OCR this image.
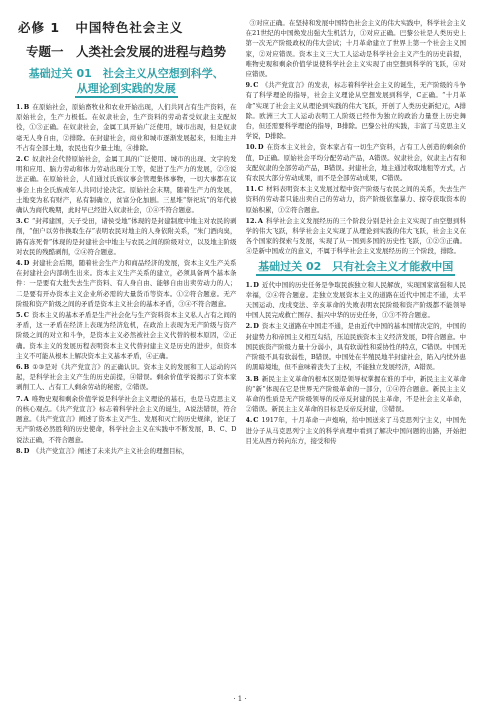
必修 1 中国特色社会主义
专题一　人类社会发展的进程与趋势
基础过关 01　社会主义从空想到科学、
从理论到实践的发展

1.B 在原始社会，原始畜牧业和农业开始出现，人们共同占有生产资料，在原始社会，生产力极低。在奴隶社会，生产资料的劳动者受奴隶主支配奴役，①③正确。在奴隶社会，金属工具开始广泛使用，城市出现，但是奴隶毫无人身自由，②排除。在封建社会，商业和城市逐渐发展起来，但地主并不占有全部土地，农民也有少量土地，④排除。

2.C 奴隶社会代替原始社会，金属工具的广泛使用、城市的出现、文字的发明和应用、脑力劳动和体力劳动出现分工等，促进了生产力的发展，②③说法正确。在原始社会，人们通过氏族议事会管理集体事物，一切大事都在议事会上由全氏族成年人共同讨论决定。原始社会末期，随着生产力的发展，土地变为私有财产，私有制确立，贫富分化加剧。三星堆“祭祀坑”的年代被确认为商代晚期，此时早已经进入奴隶社会，①④不符合题意。

3.C “封邦建国，天子受田，诸侯受地”体现的是封建制度中地主对农民的剥削，“佃户以劳作换取生存”表明农民对地主的人身依附关系，“朱门酒肉臭，路有冻死骨”体现的是封建社会中地主与农民之间的阶级对立，以及地主阶级对农民的残酷剥削，②④符合题意。

4.D 封建社会后期，随着社会生产力和商品经济的发展，资本主义生产关系在封建社会内部萌生出来。资本主义生产关系的建立，必须具备两个基本条件：一是要有大批失去生产资料、有人身自由、能够自由出卖劳动力的人；二是要有开办资本主义企业所必需的大量货币等资本。①②符合题意。无产阶级和资产阶级之间的矛盾是资本主义社会的基本矛盾，③④不符合题意。

5.C 资本主义的基本矛盾是生产社会化与生产资料资本主义私人占有之间的矛盾，这一矛盾在经济上表现为经济危机，在政治上表现为无产阶级与资产阶级之间的对立和斗争，是资本主义必然被社会主义代替的根本原因，②正确。资本主义的发展历程表明资本主义代替封建主义是历史的进步，但资本主义不可能从根本上解决资本主义基本矛盾，④正确。

6.B ①③是对《共产党宣言》的正确认识。资本主义的发展和工人运动的兴起，是科学社会主义产生的历史前提，④错误。剩余价值学说揭示了资本家剥削工人、占有工人剩余劳动的秘密，②错误。

7.A 唯物史观和剩余价值学说是科学社会主义理论的基石，也是马克思主义的核心观点。《共产党宣言》标志着科学社会主义的诞生，A说法错误，符合题意。《共产党宣言》阐述了资本主义产生、发展和灭亡的历史规律，论证了无产阶级必然胜利的历史使命，科学社会主义在实践中不断发展，B、C、D说法正确，不符合题意。

8.D 《共产党宣言》阐述了未来共产主义社会的理想目标，

③对应正确。在坚持和发展中国特色社会主义的伟大实践中，科学社会主义在21世纪的中国焕发出强大生机活力，①对应正确。巴黎公社是人类历史上第一次无产阶级政权的伟大尝试；十月革命建立了世界上第一个社会主义国家，②对应错误。资本主义三大工人运动是科学社会主义产生的历史前提，唯物史观和剩余价值学说使科学社会主义实现了由空想到科学的飞跃，④对应错误。

9.C 《共产党宣言》的发表，标志着科学社会主义的诞生，无产阶级的斗争有了科学理论的指导，社会主义理论从空想发展到科学，C正确。“十月革命”实现了社会主义从理论到实践的伟大飞跃，开创了人类历史新纪元，A排除。欧洲三大工人运动表明工人阶级已经作为独立的政治力量登上历史舞台，但还需要科学理论的指导，B排除。巴黎公社的实践，丰富了马克思主义学说，D排除。

10.D 在资本主义社会，资本家占有一切生产资料，占有工人创造的剩余价值，D正确。原始社会平均分配劳动产品，A错误。奴隶社会，奴隶主占有和支配奴隶的全部劳动产品，B错误。封建社会，地主通过收取地租等方式，占有农民大部分劳动成果，而不是全部劳动成果，C错误。

11.C 材料表明资本主义发展过程中资产阶级与农民之间的关系，失去生产资料的劳动者只能出卖自己的劳动力，资产阶级依靠暴力、掠夺获取资本的原始积累，①②符合题意。

12.A 科学社会主义发展经历的三个阶段分别是社会主义实现了由空想到科学的伟大飞跃，科学社会主义实现了从理论到实践的伟大飞跃，社会主义在各个国家的探索与发展，实现了从一国到多国的历史性飞跃，①②③正确。④是新中国成立的意义，不属于科学社会主义发展经历的三个阶段，排除。

基础过关 02　只有社会主义才能救中国

1.D 近代中国的历史任务是争取民族独立和人民解放，实现国家富强和人民幸福，②④符合题意。走独立发展资本主义的道路在近代中国走不通，太平天国运动、戊戌变法、辛亥革命的失败表明农民阶级和资产阶级都不能领导中国人民完成救亡图存、振兴中华的历史任务，①③不符合题意。

2.D 资本主义道路在中国走不通，是由近代中国的基本国情决定的，中国的封建势力和帝国主义相互勾结，压迫民族资本主义经济发展，D符合题意。中国民族资产阶级力量十分弱小，具有软弱性和妥协性的特点，C错误。中国无产阶级不具有软弱性，B错误。中国处在半殖民地半封建社会，陷入内忧外患的黑暗境地，但不意味着丧失了主权，不能独立发展经济，A错误。

3.B 新民主主义革命的根本区别是领导权掌握在谁的手中，新民主主义革命的“新”体现在它是世界无产阶级革命的一部分，①④符合题意。新民主主义革命的性质是无产阶级领导的反帝反封建的民主革命，不是社会主义革命，②错误。新民主主义革命的目标是反帝反封建，③错误。

4.C 1917年，十月革命一声炮响，给中国送来了马克思列宁主义，中国先进分子从马克思列宁主义的科学真理中看到了解决中国问题的出路，开始把目光从西方转向东方，接受和传

· 1 ·
